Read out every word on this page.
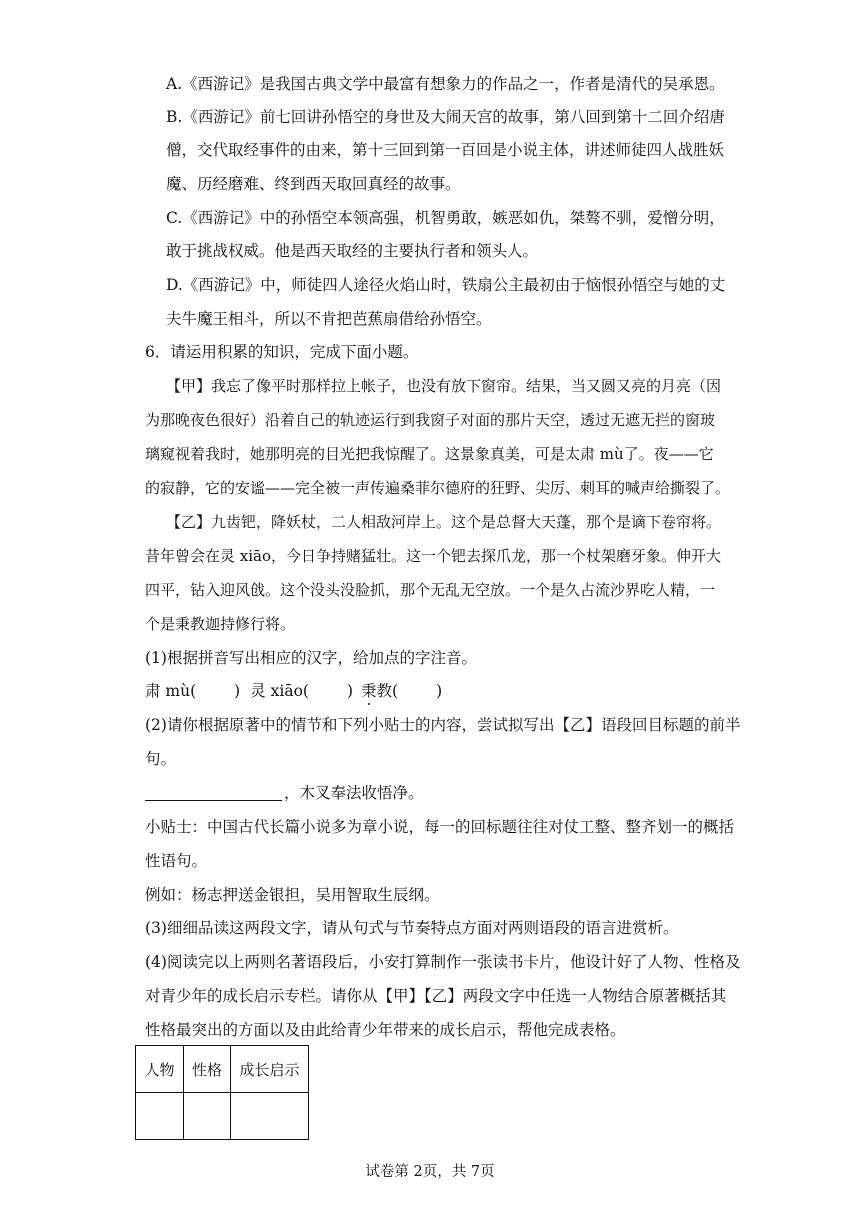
A.《西游记》是我国古典文学中最富有想象力的作品之一，作者是清代的吴承恩。
B.《西游记》前七回讲孙悟空的身世及大闹天宫的故事，第八回到第十二回介绍唐
僧，交代取经事件的由来，第十三回到第一百回是小说主体，讲述师徒四人战胜妖
魔、历经磨难、终到西天取回真经的故事。
C.《西游记》中的孙悟空本领高强，机智勇敢，嫉恶如仇，桀骜不驯，爱憎分明，
敢于挑战权威。他是西天取经的主要执行者和领头人。
D.《西游记》中，师徒四人途径火焰山时，铁扇公主最初由于恼恨孙悟空与她的丈
夫牛魔王相斗，所以不肯把芭蕉扇借给孙悟空。
6．请运用积累的知识，完成下面小题。
【甲】我忘了像平时那样拉上帐子，也没有放下窗帘。结果，当又圆又亮的月亮（因
为那晚夜色很好）沿着自己的轨迹运行到我窗子对面的那片天空，透过无遮无拦的窗玻
璃窥视着我时，她那明亮的目光把我惊醒了。这景象真美，可是太肃 mù了。夜——它
的寂静，它的安谧——完全被一声传遍桑菲尔德府的狂野、尖厉、刺耳的喊声给撕裂了。
【乙】九齿钯，降妖杖，二人相敌河岸上。这个是总督大天蓬，那个是谪下卷帘将。
昔年曾会在灵 xiāo，今日争持赌猛壮。这一个钯去探爪龙，那一个杖架磨牙象。伸开大
四平，钻入迎风戗。这个没头没脸抓，那个无乱无空放。一个是久占流沙界吃人精，一
个是秉教迦持修行将。
(1)根据拼音写出相应的汉字，给加点的字注音。
肃 mù( ) 灵 xiāo( ) 秉教( )
(2)请你根据原著中的情节和下列小贴士的内容，尝试拟写出【乙】语段回目标题的前半
句。
，木叉奉法收悟净。
小贴士：中国古代长篇小说多为章小说，每一的回标题往往对仗工整、整齐划一的概括
性语句。
例如：杨志押送金银担，吴用智取生辰纲。
(3)细细品读这两段文字，请从句式与节奏特点方面对两则语段的语言进赏析。
(4)阅读完以上两则名著语段后，小安打算制作一张读书卡片，他设计好了人物、性格及
对青少年的成长启示专栏。请你从【甲】【乙】两段文字中任选一人物结合原著概括其
性格最突出的方面以及由此给青少年带来的成长启示，帮他完成表格。
人物	性格	成长启示

试卷第 2页，共 7页
